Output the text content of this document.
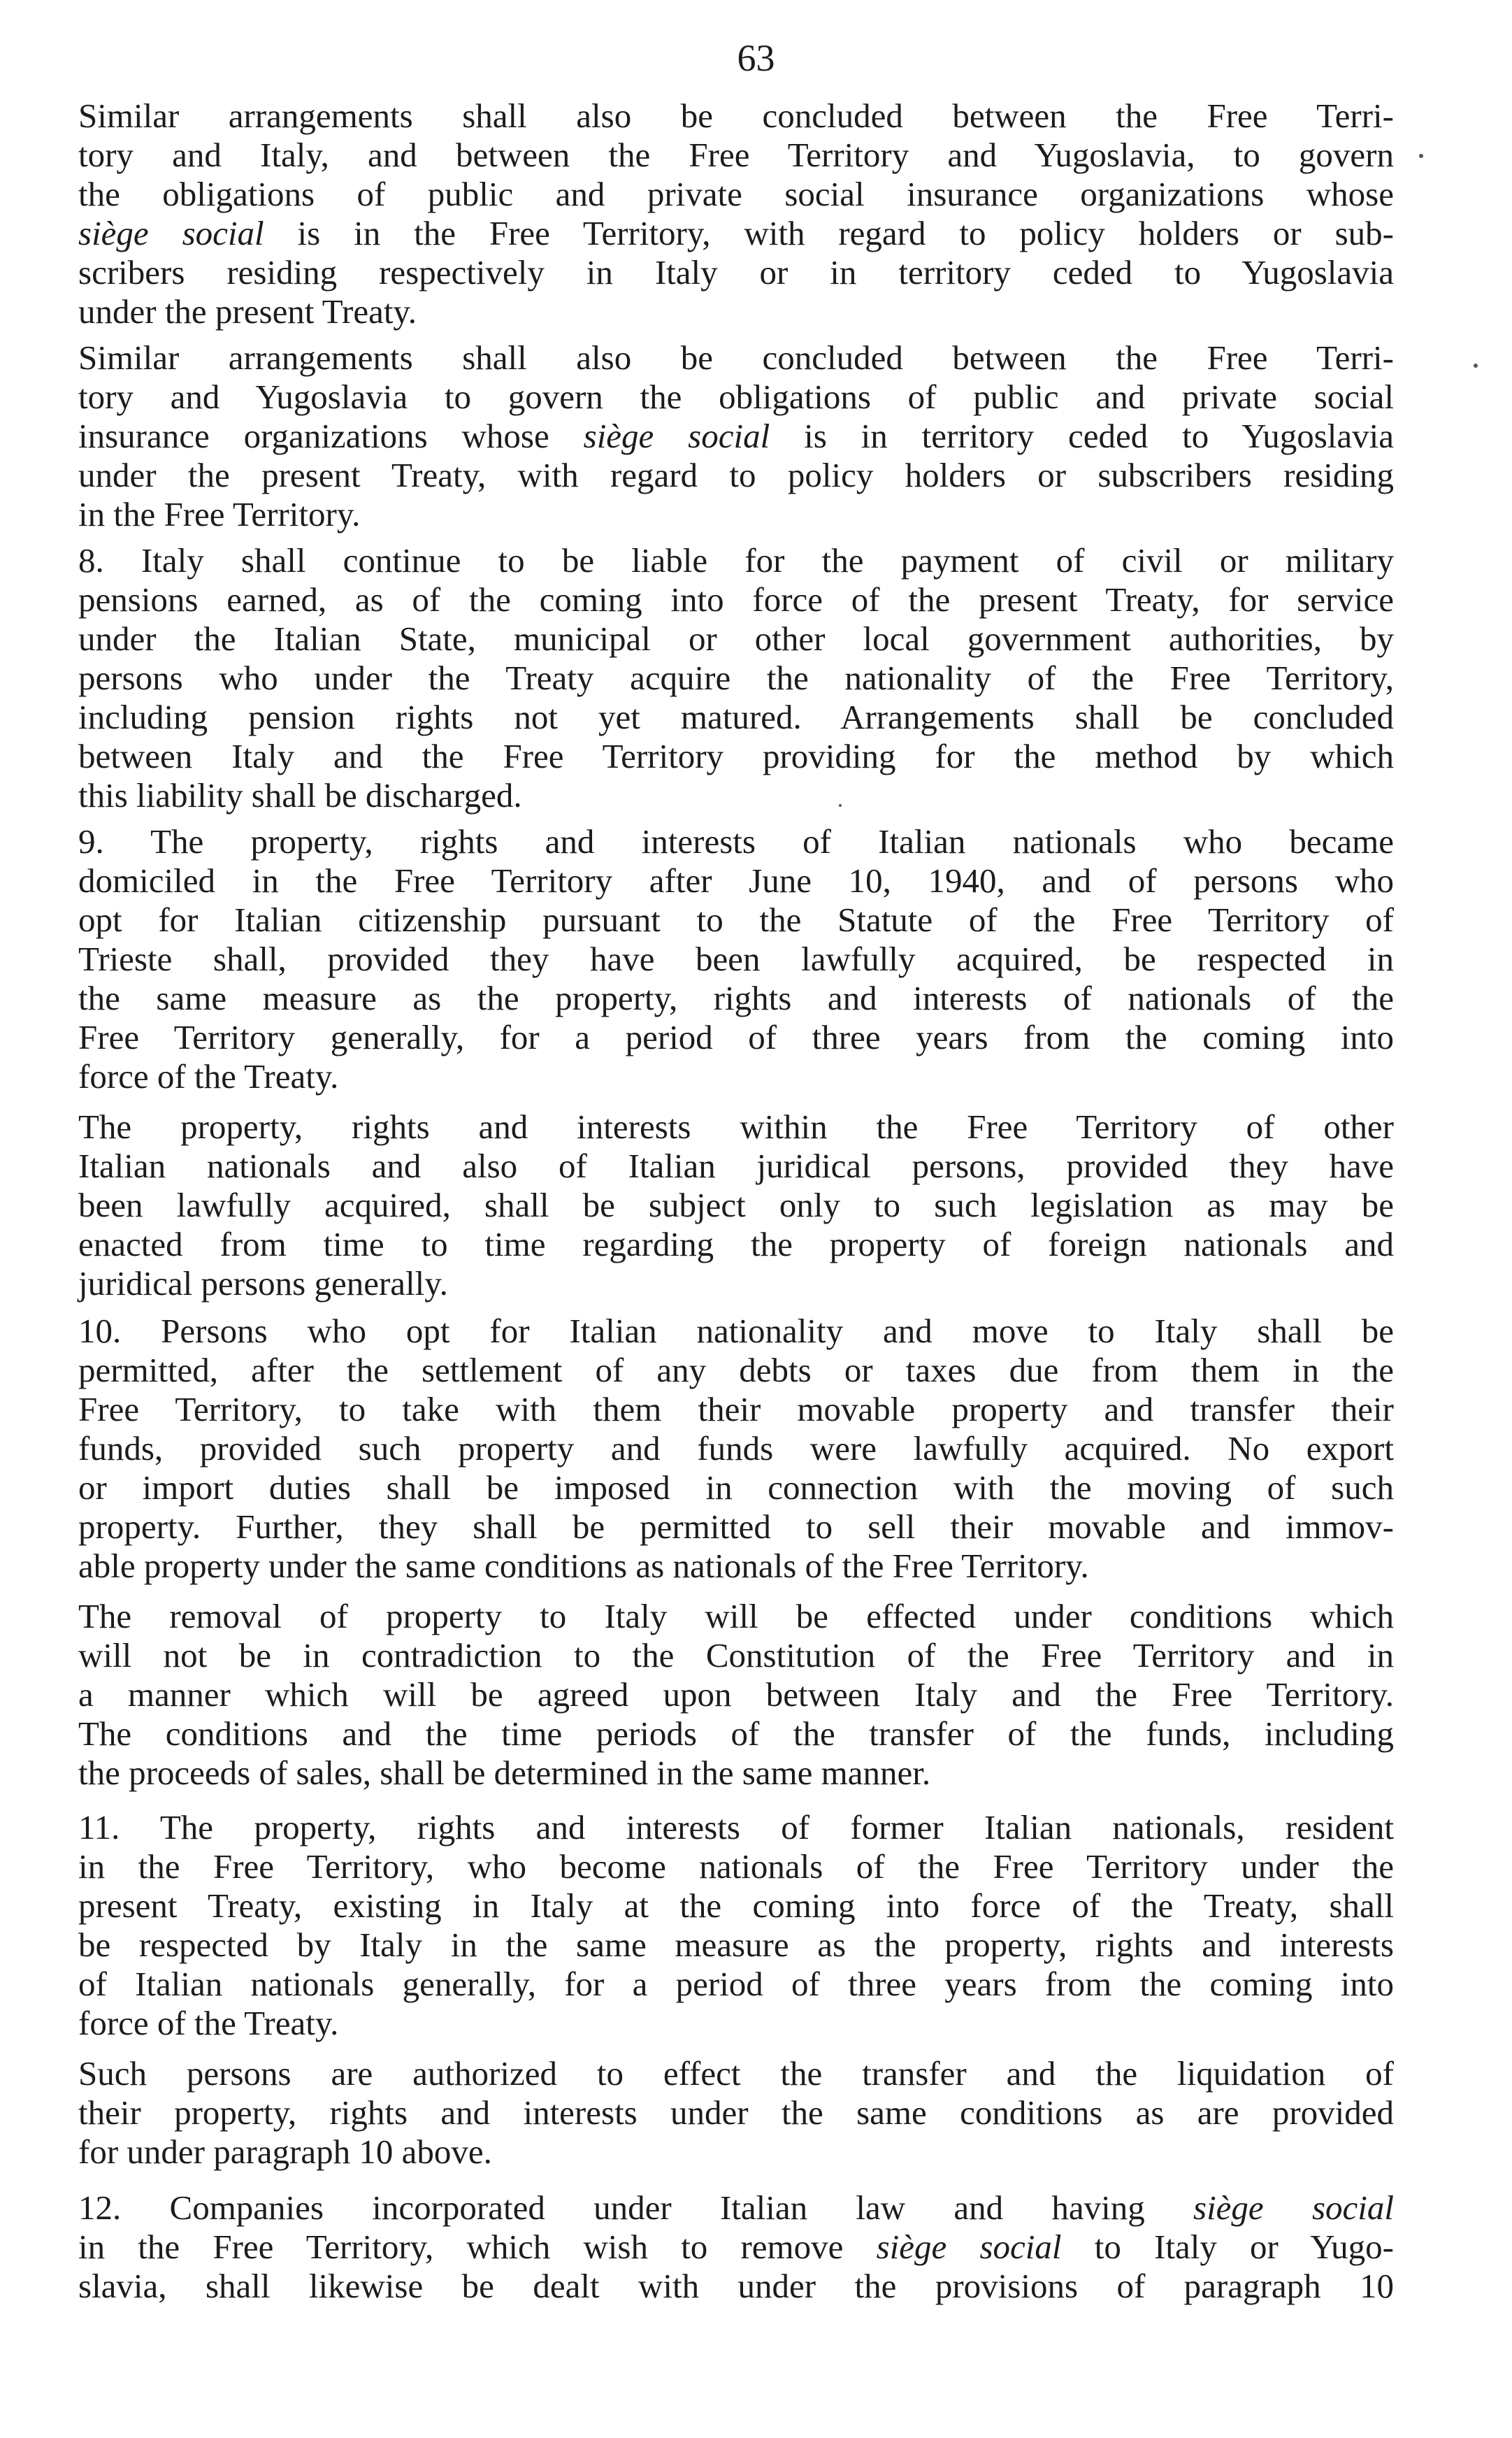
63
Similar arrangements shall also be concluded between the Free Terri-
tory and Italy, and between the Free Territory and Yugoslavia, to govern
the obligations of public and private social insurance organizations whose
siège social is in the Free Territory, with regard to policy holders or sub-
scribers residing respectively in Italy or in territory ceded to Yugoslavia
under the present Treaty.
Similar arrangements shall also be concluded between the Free Terri-
tory and Yugoslavia to govern the obligations of public and private social
insurance organizations whose siège social is in territory ceded to Yugoslavia
under the present Treaty, with regard to policy holders or subscribers residing
in the Free Territory.
8. Italy shall continue to be liable for the payment of civil or military
pensions earned, as of the coming into force of the present Treaty, for service
under the Italian State, municipal or other local government authorities, by
persons who under the Treaty acquire the nationality of the Free Territory,
including pension rights not yet matured. Arrangements shall be concluded
between Italy and the Free Territory providing for the method by which
this liability shall be discharged.
9. The property, rights and interests of Italian nationals who became
domiciled in the Free Territory after June 10, 1940, and of persons who
opt for Italian citizenship pursuant to the Statute of the Free Territory of
Trieste shall, provided they have been lawfully acquired, be respected in
the same measure as the property, rights and interests of nationals of the
Free Territory generally, for a period of three years from the coming into
force of the Treaty.
The property, rights and interests within the Free Territory of other
Italian nationals and also of Italian juridical persons, provided they have
been lawfully acquired, shall be subject only to such legislation as may be
enacted from time to time regarding the property of foreign nationals and
juridical persons generally.
10. Persons who opt for Italian nationality and move to Italy shall be
permitted, after the settlement of any debts or taxes due from them in the
Free Territory, to take with them their movable property and transfer their
funds, provided such property and funds were lawfully acquired. No export
or import duties shall be imposed in connection with the moving of such
property. Further, they shall be permitted to sell their movable and immov-
able property under the same conditions as nationals of the Free Territory.
The removal of property to Italy will be effected under conditions which
will not be in contradiction to the Constitution of the Free Territory and in
a manner which will be agreed upon between Italy and the Free Territory.
The conditions and the time periods of the transfer of the funds, including
the proceeds of sales, shall be determined in the same manner.
11. The property, rights and interests of former Italian nationals, resident
in the Free Territory, who become nationals of the Free Territory under the
present Treaty, existing in Italy at the coming into force of the Treaty, shall
be respected by Italy in the same measure as the property, rights and interests
of Italian nationals generally, for a period of three years from the coming into
force of the Treaty.
Such persons are authorized to effect the transfer and the liquidation of
their property, rights and interests under the same conditions as are provided
for under paragraph 10 above.
12. Companies incorporated under Italian law and having siège social
in the Free Territory, which wish to remove siège social to Italy or Yugo-
slavia, shall likewise be dealt with under the provisions of paragraph 10
